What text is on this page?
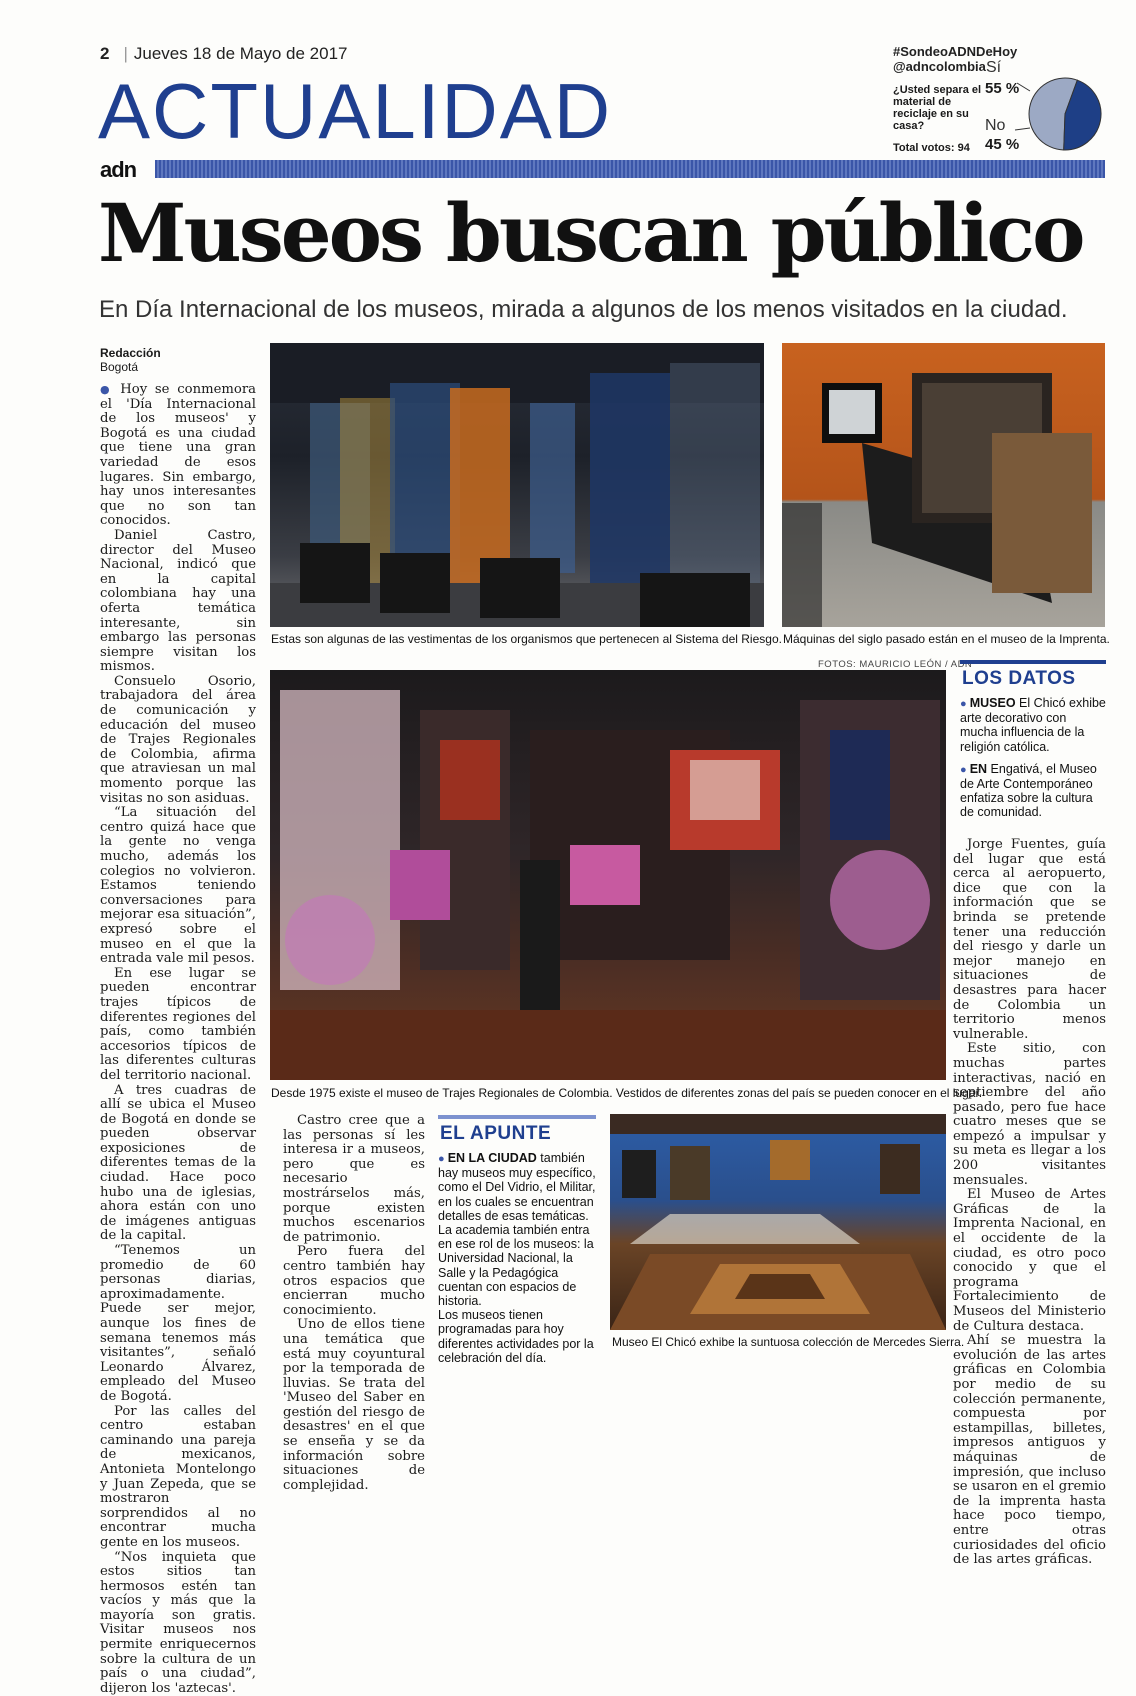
2 | Jueves 18 de Mayo de 2017
ACTUALIDAD
adn
#SondeoADNDeHoy
@adncolombia
¿Usted separa el material de reciclaje en su casa?
Sí
55 %
No
45 %
Total votos: 94
Museos buscan público
En Día Internacional de los museos, mirada a algunos de los menos visitados en la ciudad.
Redacción
Bogotá

● Hoy se conmemora el 'Día Internacional de los museos' y Bogotá es una ciudad que tiene una gran variedad de esos lugares. Sin embargo, hay unos interesantes que no son tan conocidos.

Daniel Castro, director del Museo Nacional, indicó que en la capital colombiana hay una oferta temática interesante, sin embargo las personas siempre visitan los mismos.

Consuelo Osorio, trabajadora del área de comunicación y educación del museo de Trajes Regionales de Colombia, afirma que atraviesan un mal momento porque las visitas no son asiduas.

“La situación del centro quizá hace que la gente no venga mucho, además los colegios no volvieron. Estamos teniendo conversaciones para mejorar esa situación”, expresó sobre el museo en el que la entrada vale mil pesos.

En ese lugar se pueden encontrar trajes típicos de diferentes regiones del país, como también accesorios típicos de las diferentes culturas del territorio nacional.

A tres cuadras de allí se ubica el Museo de Bogotá en donde se pueden observar exposiciones de diferentes temas de la ciudad. Hace poco hubo una de iglesias, ahora están con uno de imágenes antiguas de la capital.

“Tenemos un promedio de 60 personas diarias, aproximadamente. Puede ser mejor, aunque los fines de semana tenemos más visitantes”, señaló Leonardo Álvarez, empleado del Museo de Bogotá.

Por las calles del centro estaban caminando una pareja de mexicanos, Antonieta Montelongo y Juan Zepeda, que se mostraron sorprendidos al no encontrar mucha gente en los museos.

“Nos inquieta que estos sitios tan hermosos estén tan vacíos y más que la mayoría son gratis. Visitar museos nos permite enriquecernos sobre la cultura de un país o una ciudad”, dijeron los 'aztecas'.

Estas son algunas de las vestimentas de los organismos que pertenecen al Sistema del Riesgo. Máquinas del siglo pasado están en el museo de la Imprenta.
FOTOS: MAURICIO LEÓN / ADN
Desde 1975 existe el museo de Trajes Regionales de Colombia. Vestidos de diferentes zonas del país se pueden conocer en el lugar.
LOS DATOS
● MUSEO El Chicó exhibe arte decorativo con mucha influencia de la religión católica.
● EN Engativá, el Museo de Arte Contemporáneo enfatiza sobre la cultura de comunidad.

Jorge Fuentes, guía del lugar que está cerca al aeropuerto, dice que con la información que se brinda se pretende tener una reducción del riesgo y darle un mejor manejo en situaciones de desastres para hacer de Colombia un territorio menos vulnerable.

Este sitio, con muchas partes interactivas, nació en septiembre del año pasado, pero fue hace cuatro meses que se empezó a impulsar y su meta es llegar a los 200 visitantes mensuales.

El Museo de Artes Gráficas de la Imprenta Nacional, en el occidente de la ciudad, es otro poco conocido y que el programa Fortalecimiento de Museos del Ministerio de Cultura destaca.

Ahí se muestra la evolución de las artes gráficas en Colombia por medio de su colección permanente, compuesta por estampillas, billetes, impresos antiguos y máquinas de impresión, que incluso se usaron en el gremio de la imprenta hasta hace poco tiempo, entre otras curiosidades del oficio de las artes gráficas.

Castro cree que a las personas sí les interesa ir a museos, pero que es necesario mostrárselos más, porque existen muchos escenarios de patrimonio.

Pero fuera del centro también hay otros espacios que encierran mucho conocimiento.

Uno de ellos tiene una temática que está muy coyuntural por la temporada de lluvias. Se trata del 'Museo del Saber en gestión del riesgo de desastres' en el que se enseña y se da información sobre situaciones de complejidad.

EL APUNTE
● EN LA CIUDAD también hay museos muy específico, como el Del Vidrio, el Militar, en los cuales se encuentran detalles de esas temáticas.
La academia también entra en ese rol de los museos: la Universidad Nacional, la Salle y la Pedagógica cuentan con espacios de historia.
Los museos tienen programadas para hoy diferentes actividades por la celebración del día.
Museo El Chicó exhibe la suntuosa colección de Mercedes Sierra.
